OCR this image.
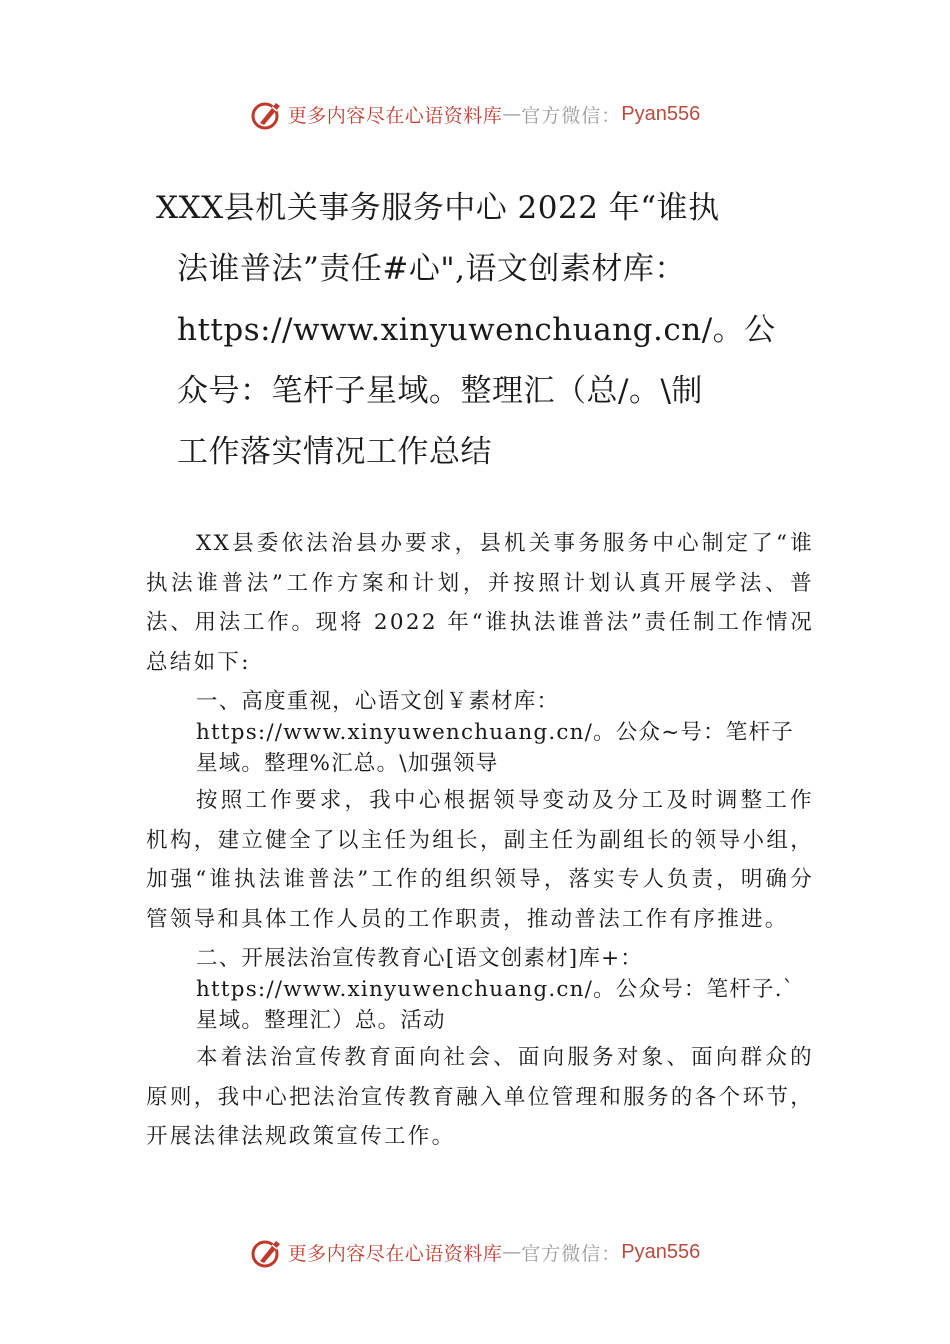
更多内容尽在心语资料库 — 官方微信： Pyan556
XXX县机关事务服务中心 2022 年“谁执
法谁普法”责任#心",语文创素材库：
https://www.xinyuwenchuang.cn/。公
众号：笔杆子星域。整理汇（总/。\制
工作落实情况工作总结

XX县委依法治县办要求，县机关事务服务中心制定了“谁执法谁普法”工作方案和计划，并按照计划认真开展学法、普法、用法工作。现将 2022 年“谁执法谁普法”责任制工作情况总结如下:

一、高度重视，心语文创￥素材库：https://www.xinyuwenchuang.cn/。公众~号：笔杆子星域。整理%汇总。\加强领导

按照工作要求，我中心根据领导变动及分工及时调整工作机构，建立健全了以主任为组长，副主任为副组长的领导小组，加强“谁执法谁普法”工作的组织领导，落实专人负责，明确分管领导和具体工作人员的工作职责，推动普法工作有序推进。

二、开展法治宣传教育心[语文创素材]库+：https://www.xinyuwenchuang.cn/。公众号：笔杆子.`星域。整理汇）总。活动

本着法治宣传教育面向社会、面向服务对象、面向群众的原则，我中心把法治宣传教育融入单位管理和服务的各个环节，开展法律法规政策宣传工作。

更多内容尽在心语资料库 — 官方微信： Pyan556
